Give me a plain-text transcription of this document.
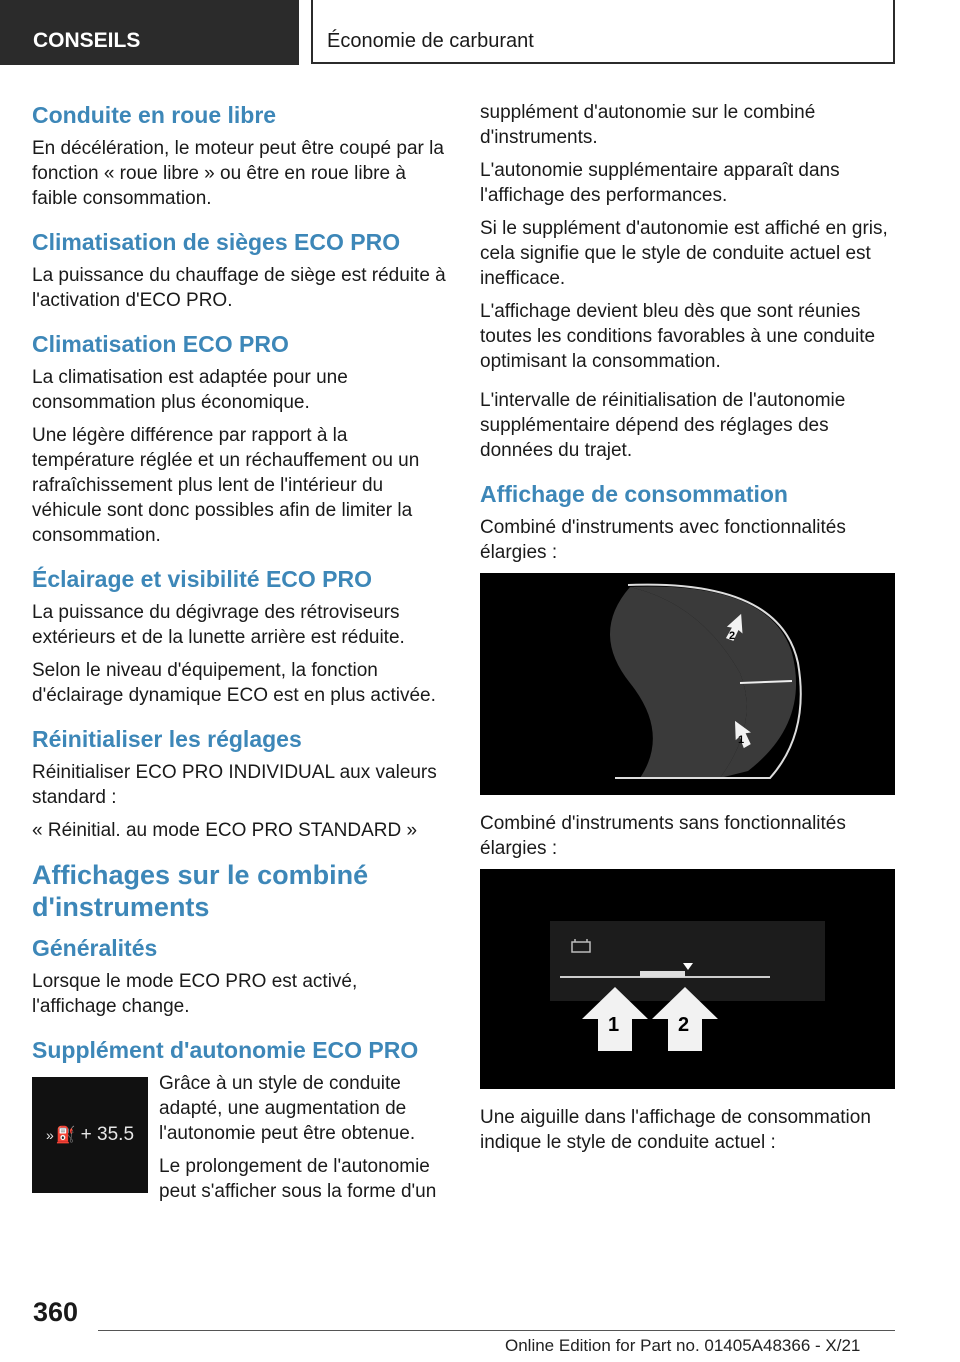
CONSEILS	Économie de carburant
Conduite en roue libre

En décélération, le moteur peut être coupé par la fonction « roue libre » ou être en roue libre à faible consommation.

Climatisation de sièges ECO PRO

La puissance du chauffage de siège est réduite à l'activation d'ECO PRO.

Climatisation ECO PRO

La climatisation est adaptée pour une consommation plus économique.

Une légère différence par rapport à la température réglée et un réchauffement ou un rafraîchissement plus lent de l'intérieur du véhicule sont donc possibles afin de limiter la consommation.

Éclairage et visibilité ECO PRO

La puissance du dégivrage des rétroviseurs extérieurs et de la lunette arrière est réduite.

Selon le niveau d'équipement, la fonction d'éclairage dynamique ECO est en plus activée.

Réinitialiser les réglages

Réinitialiser ECO PRO INDIVIDUAL aux valeurs standard :

« Réinitial. au mode ECO PRO STANDARD »

Affichages sur le combiné d'instruments
Généralités

Lorsque le mode ECO PRO est activé, l'affichage change.

Supplément d'autonomie ECO PRO
» ⛽ + 35.5

Grâce à un style de conduite adapté, une augmentation de l'autonomie peut être obtenue.

Le prolongement de l'autonomie peut s'afficher sous la forme d'un

supplément d'autonomie sur le combiné d'instruments.

L'autonomie supplémentaire apparaît dans l'affichage des performances.

Si le supplément d'autonomie est affiché en gris, cela signifie que le style de conduite actuel est inefficace.

L'affichage devient bleu dès que sont réunies toutes les conditions favorables à une conduite optimisant la consommation.

L'intervalle de réinitialisation de l'autonomie supplémentaire dépend des réglages des données du trajet.

Affichage de consommation

Combiné d'instruments avec fonctionnalités élargies :

2
1

Combiné d'instruments sans fonctionnalités élargies :

1	2

Une aiguille dans l'affichage de consommation indique le style de conduite actuel :

360
Online Edition for Part no. 01405A48366 - X/21
